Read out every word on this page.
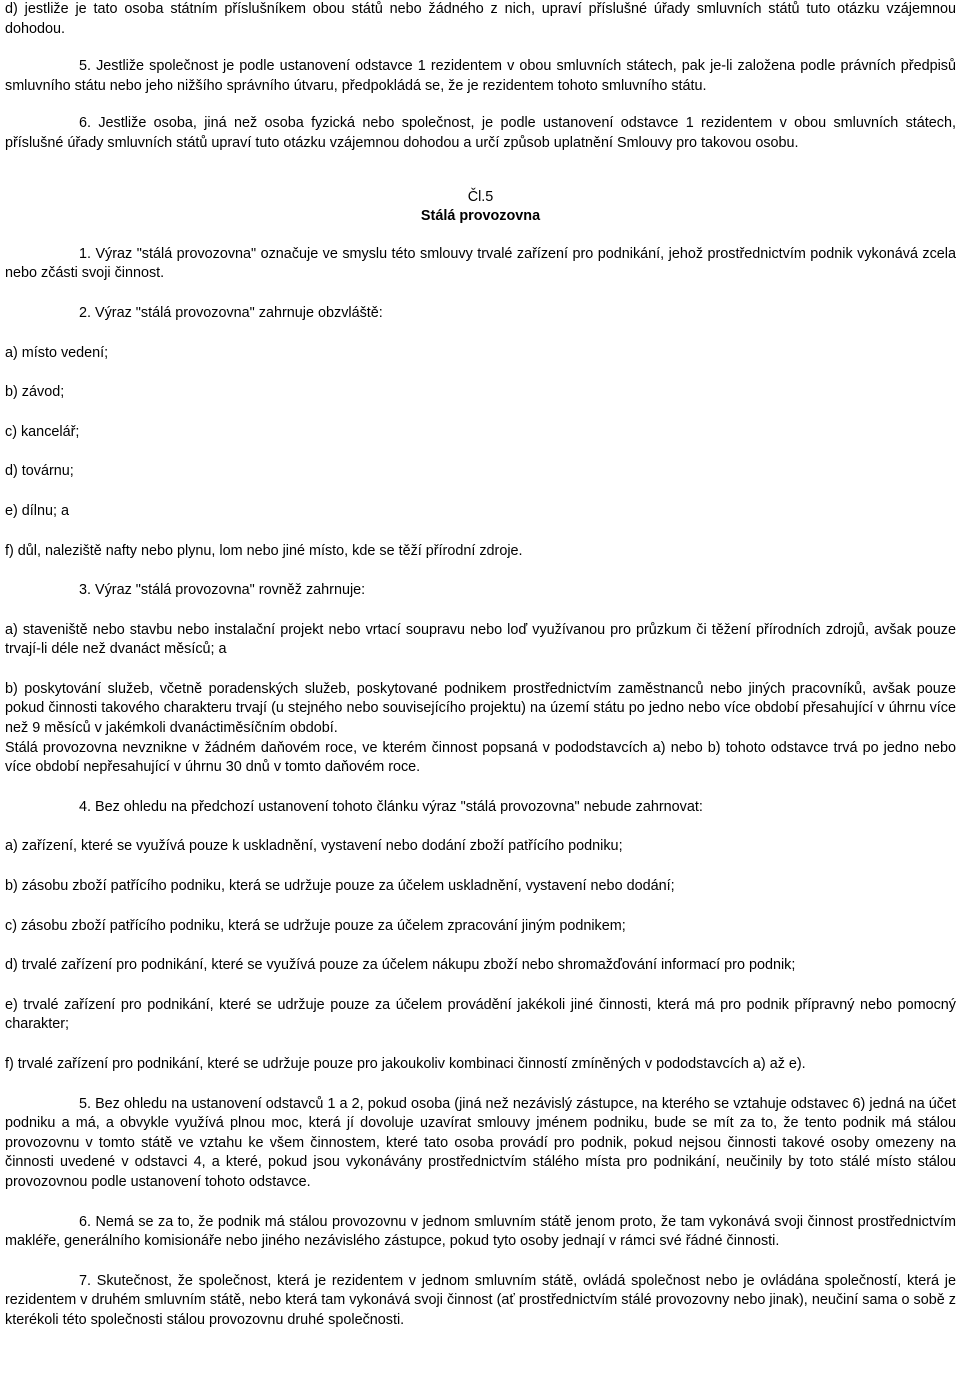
d) jestliže je tato osoba státním příslušníkem obou států nebo žádného z nich, upraví příslušné úřady smluvních států tuto otázku vzájemnou dohodou.

5. Jestliže společnost je podle ustanovení odstavce 1 rezidentem v obou smluvních státech, pak je-li založena podle právních předpisů smluvního státu nebo jeho nižšího správního útvaru, předpokládá se, že je rezidentem tohoto smluvního státu.

6. Jestliže osoba, jiná než osoba fyzická nebo společnost, je podle ustanovení odstavce 1 rezidentem v obou smluvních státech, příslušné úřady smluvních států upraví tuto otázku vzájemnou dohodou a určí způsob uplatnění Smlouvy pro takovou osobu.

Čl.5
Stálá provozovna

1. Výraz "stálá provozovna" označuje ve smyslu této smlouvy trvalé zařízení pro podnikání, jehož prostřednictvím podnik vykonává zcela nebo zčásti svoji činnost.

2. Výraz "stálá provozovna" zahrnuje obzvláště:

a) místo vedení;

b) závod;

c) kancelář;

d) továrnu;

e) dílnu; a

f) důl, naleziště nafty nebo plynu, lom nebo jiné místo, kde se těží přírodní zdroje.

3. Výraz "stálá provozovna" rovněž zahrnuje:

a) staveniště nebo stavbu nebo instalační projekt nebo vrtací soupravu nebo loď využívanou pro průzkum či těžení přírodních zdrojů, avšak pouze trvají-li déle než dvanáct měsíců; a

b) poskytování služeb, včetně poradenských služeb, poskytované podnikem prostřednictvím zaměstnanců nebo jiných pracovníků, avšak pouze pokud činnosti takového charakteru trvají (u stejného nebo souvisejícího projektu) na území státu po jedno nebo více období přesahující v úhrnu více než 9 měsíců v jakémkoli dvanáctiměsíčním období.

Stálá provozovna nevznikne v žádném daňovém roce, ve kterém činnost popsaná v pododstavcích a) nebo b) tohoto odstavce trvá po jedno nebo více období nepřesahující v úhrnu 30 dnů v tomto daňovém roce.

4. Bez ohledu na předchozí ustanovení tohoto článku výraz "stálá provozovna" nebude zahrnovat:

a) zařízení, které se využívá pouze k uskladnění, vystavení nebo dodání zboží patřícího podniku;

b) zásobu zboží patřícího podniku, která se udržuje pouze za účelem uskladnění, vystavení nebo dodání;

c) zásobu zboží patřícího podniku, která se udržuje pouze za účelem zpracování jiným podnikem;

d) trvalé zařízení pro podnikání, které se využívá pouze za účelem nákupu zboží nebo shromažďování informací pro podnik;

e) trvalé zařízení pro podnikání, které se udržuje pouze za účelem provádění jakékoli jiné činnosti, která má pro podnik přípravný nebo pomocný charakter;

f) trvalé zařízení pro podnikání, které se udržuje pouze pro jakoukoliv kombinaci činností zmíněných v pododstavcích a) až e).

5. Bez ohledu na ustanovení odstavců 1 a 2, pokud osoba (jiná než nezávislý zástupce, na kterého se vztahuje odstavec 6) jedná na účet podniku a má, a obvykle využívá plnou moc, která jí dovoluje uzavírat smlouvy jménem podniku, bude se mít za to, že tento podnik má stálou provozovnu v tomto státě ve vztahu ke všem činnostem, které tato osoba provádí pro podnik, pokud nejsou činnosti takové osoby omezeny na činnosti uvedené v odstavci 4, a které, pokud jsou vykonávány prostřednictvím stálého místa pro podnikání, neučinily by toto stálé místo stálou provozovnou podle ustanovení tohoto odstavce.

6. Nemá se za to, že podnik má stálou provozovnu v jednom smluvním státě jenom proto, že tam vykonává svoji činnost prostřednictvím makléře, generálního komisionáře nebo jiného nezávislého zástupce, pokud tyto osoby jednají v rámci své řádné činnosti.

7. Skutečnost, že společnost, která je rezidentem v jednom smluvním státě, ovládá společnost nebo je ovládána společností, která je rezidentem v druhém smluvním státě, nebo která tam vykonává svoji činnost (ať prostřednictvím stálé provozovny nebo jinak), neučiní sama o sobě z kterékoli této společnosti stálou provozovnu druhé společnosti.
